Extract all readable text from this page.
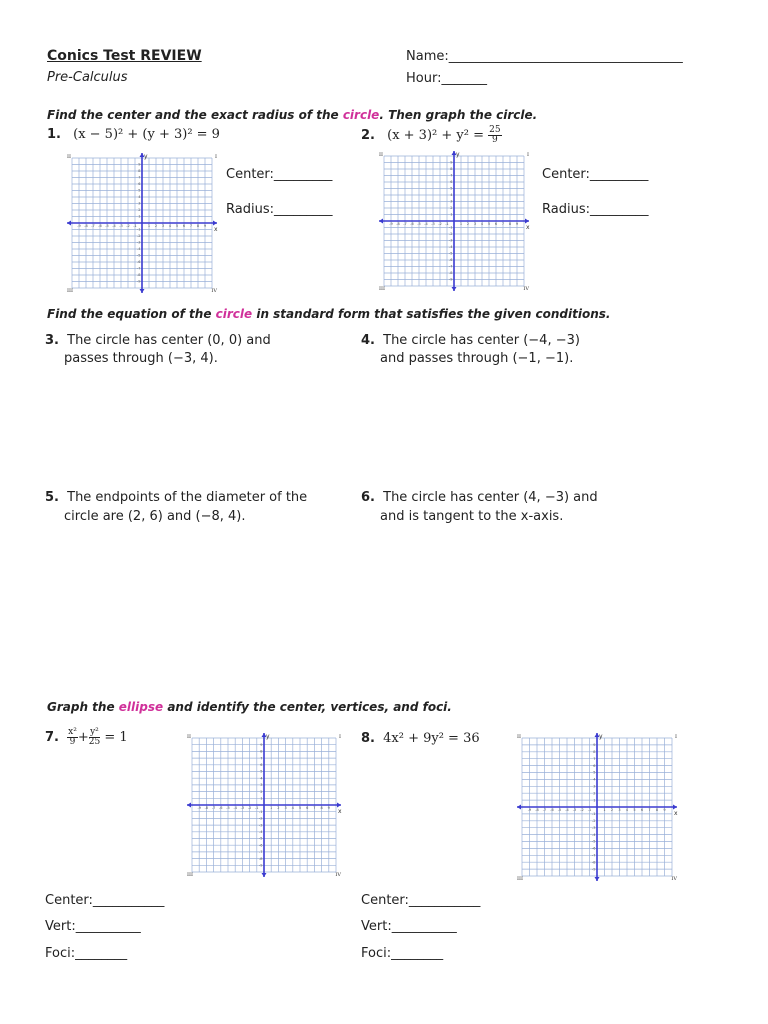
Conics Test REVIEW
Pre-Calculus
Name:____________________________________
Hour:_______
Find the center and the exact radius of the circle. Then graph the circle.
1. (x − 5)² + (y + 3)² = 9
x
y
1
-1
1
-1
2
-2
2
-2
3
-3
3
-3
4
-4
4
-4
5
-5
5
-5
6
-6
6
-6
7
-7
7
-7
8
-8
8
-8
9
-9
9
-9
II	I
III	IV
Center:_________
Radius:_________
2. $(x + 3)^2 + y^2 = \frac{25}{9}$
x
y
1
-1
1
-1
2
-2
2
-2
3
-3
3
-3
4
-4
4
-4
5
-5
5
-5
6
-6
6
-6
7
-7
7
-7
8
-8
8
-8
9
-9
9
-9
II	I
III	IV
Center:_________
Radius:_________
Find the equation of the circle in standard form that satisfies the given conditions.
3. The circle has center (0, 0) and
passes through (−3, 4).
4. The circle has center (−4, −3)
and passes through (−1, −1).
5. The endpoints of the diameter of the
circle are (2, 6) and (−8, 4).
6. The circle has center (4, −3) and
and is tangent to the x-axis.
Graph the ellipse and identify the center, vertices, and foci.
7. $\frac{\text{x²}}{9} + \frac{\text{y²}}{25} = 1$
x
y
1
-1
1
-1
2
-2
2
-2
3
-3
3
-3
4
-4
4
-4
5
-5
5
-5
6
-6
6
-6
7
-7
7
-7
8
-8
8
-8
9
-9
9
-9
II	I
III	IV
8. 4x² + 9y² = 36
x
y
1
-1
1
-1
2
-2
2
-2
3
-3
3
-3
4
-4
4
-4
5
-5
5
-5
6
-6
6
-6
7
-7
7
-7
8
-8
8
-8
9
-9
9
-9
II	I
III	IV
Center:___________
Vert:__________
Foci:________
Center:___________
Vert:__________
Foci:________
